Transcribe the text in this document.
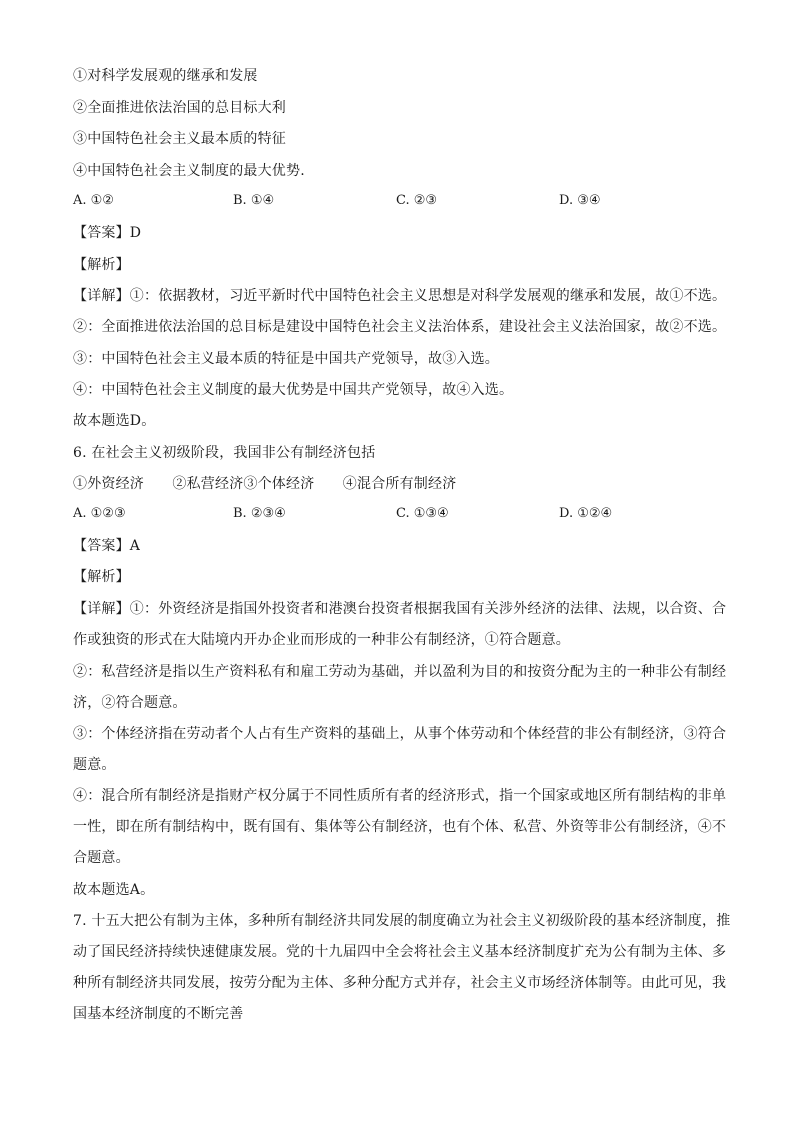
①对科学发展观的继承和发展
②全面推进依法治国的总目标大利
③中国特色社会主义最本质的特征
④中国特色社会主义制度的最大优势.
A. ①②	B. ①④	C. ②③	D. ③④
【答案】D
【解析】
【详解】①：依据教材，习近平新时代中国特色社会主义思想是对科学发展观的继承和发展，故①不选。
②：全面推进依法治国的总目标是建设中国特色社会主义法治体系，建设社会主义法治国家，故②不选。
③：中国特色社会主义最本质的特征是中国共产党领导，故③入选。
④：中国特色社会主义制度的最大优势是中国共产党领导，故④入选。
故本题选D。
6. 在社会主义初级阶段，我国非公有制经济包括
①外资经济　　②私营经济③个体经济　　④混合所有制经济
A. ①②③	B. ②③④	C. ①③④	D. ①②④
【答案】A
【解析】
【详解】①：外资经济是指国外投资者和港澳台投资者根据我国有关涉外经济的法律、法规，以合资、合
作或独资的形式在大陆境内开办企业而形成的一种非公有制经济，①符合题意。
②：私营经济是指以生产资料私有和雇工劳动为基础，并以盈利为目的和按资分配为主的一种非公有制经
济，②符合题意。
③：个体经济指在劳动者个人占有生产资料的基础上，从事个体劳动和个体经营的非公有制经济，③符合
题意。
④：混合所有制经济是指财产权分属于不同性质所有者的经济形式，指一个国家或地区所有制结构的非单
一性，即在所有制结构中，既有国有、集体等公有制经济，也有个体、私营、外资等非公有制经济，④不
合题意。
故本题选A。
7. 十五大把公有制为主体，多种所有制经济共同发展的制度确立为社会主义初级阶段的基本经济制度，推
动了国民经济持续快速健康发展。党的十九届四中全会将社会主义基本经济制度扩充为公有制为主体、多
种所有制经济共同发展，按劳分配为主体、多种分配方式并存，社会主义市场经济体制等。由此可见，我
国基本经济制度的不断完善
